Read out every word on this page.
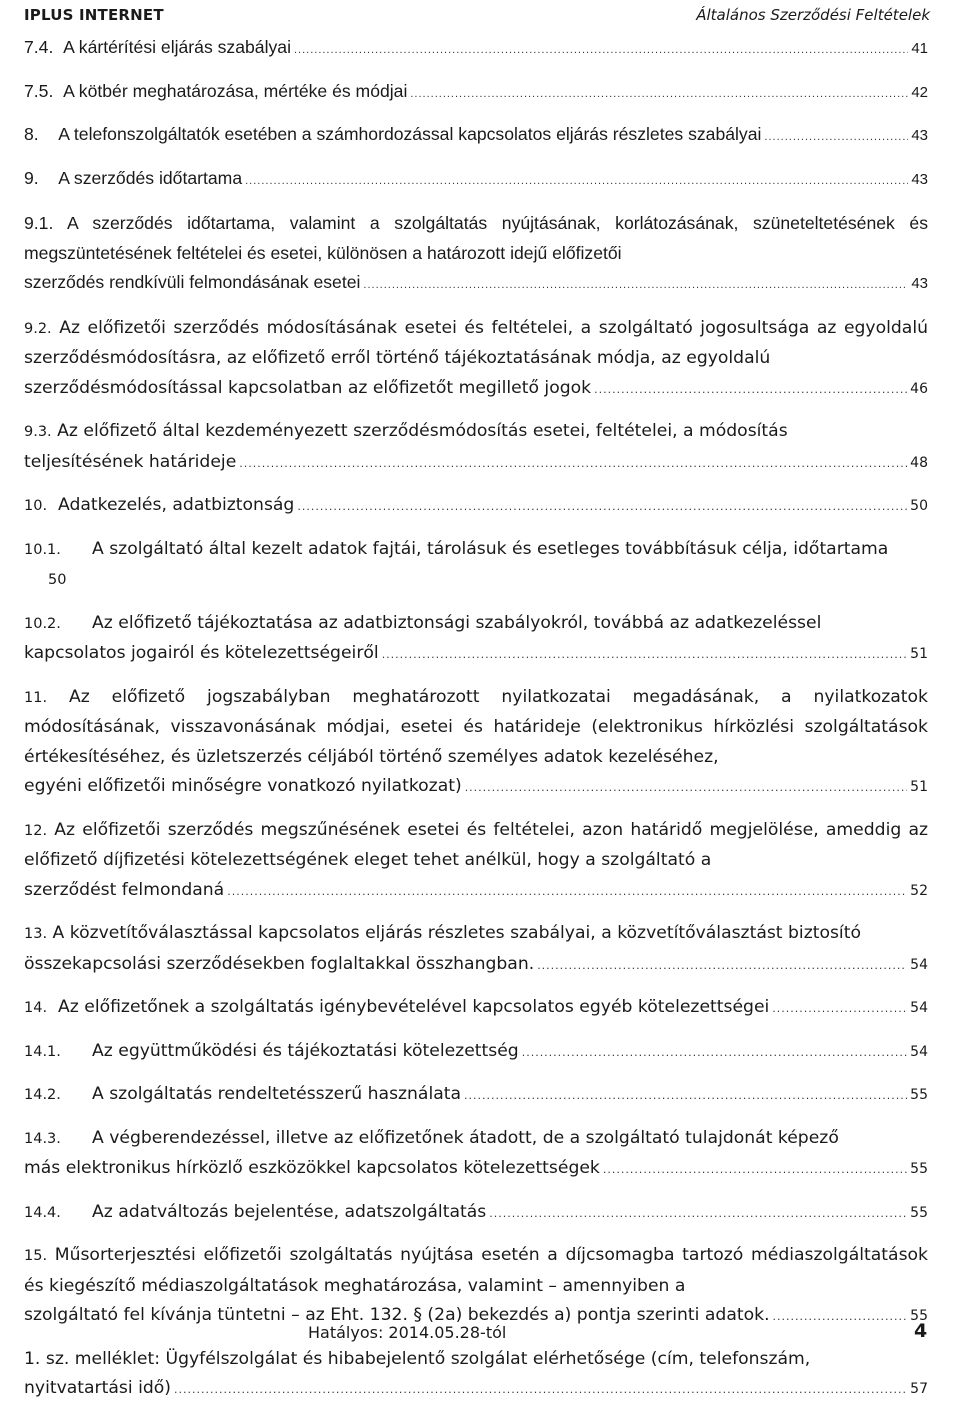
IPLUS INTERNET	Általános Szerződési Feltételek
7.4. A kártérítési eljárás szabályai .....	41
7.5. A kötbér meghatározása, mértéke és módjai .....	42
8. A telefonszolgáltatók esetében a számhordozással kapcsolatos eljárás részletes szabályai .....	43
9. A szerződés időtartama .....	43
9.1. A szerződés időtartama, valamint a szolgáltatás nyújtásának, korlátozásának, szüneteltetésének és megszüntetésének feltételei és esetei, különösen a határozott idejű előfizetői
szerződés rendkívüli felmondásának esetei .....	43
9.2. Az előfizetői szerződés módosításának esetei és feltételei, a szolgáltató jogosultsága az egyoldalú szerződésmódosításra, az előfizető erről történő tájékoztatásának módja, az egyoldalú
szerződésmódosítással kapcsolatban az előfizetőt megillető jogok .....	46
9.3. Az előfizető által kezdeményezett szerződésmódosítás esetei, feltételei, a módosítás
teljesítésének határideje .....	48
10. Adatkezelés, adatbiztonság .....	50
10.1. A szolgáltató által kezelt adatok fajtái, tárolásuk és esetleges továbbításuk célja, időtartama
50
10.2. Az előfizető tájékoztatása az adatbiztonsági szabályokról, továbbá az adatkezeléssel
kapcsolatos jogairól és kötelezettségeiről .....	51
11. Az előfizető jogszabályban meghatározott nyilatkozatai megadásának, a nyilatkozatok módosításának, visszavonásának módjai, esetei és határideje (elektronikus hírközlési szolgáltatások értékesítéséhez, és üzletszerzés céljából történő személyes adatok kezeléséhez,
egyéni előfizetői minőségre vonatkozó nyilatkozat) .....	51
12. Az előfizetői szerződés megszűnésének esetei és feltételei, azon határidő megjelölése, ameddig az előfizető díjfizetési kötelezettségének eleget tehet anélkül, hogy a szolgáltató a
szerződést felmondaná .....	52
13. A közvetítőválasztással kapcsolatos eljárás részletes szabályai, a közvetítőválasztást biztosító
összekapcsolási szerződésekben foglaltakkal összhangban. .....	54
14. Az előfizetőnek a szolgáltatás igénybevételével kapcsolatos egyéb kötelezettségei .....	54
14.1. Az együttműködési és tájékoztatási kötelezettség .....	54
14.2. A szolgáltatás rendeltetésszerű használata .....	55
14.3. A végberendezéssel, illetve az előfizetőnek átadott, de a szolgáltató tulajdonát képező
más elektronikus hírközlő eszközökkel kapcsolatos kötelezettségek .....	55
14.4. Az adatváltozás bejelentése, adatszolgáltatás .....	55
15. Műsorterjesztési előfizetői szolgáltatás nyújtása esetén a díjcsomagba tartozó médiaszolgáltatások és kiegészítő médiaszolgáltatások meghatározása, valamint – amennyiben a
szolgáltató fel kívánja tüntetni – az Eht. 132. § (2a) bekezdés a) pontja szerinti adatok. .....	55
1. sz. melléklet: Ügyfélszolgálat és hibabejelentő szolgálat elérhetősége (cím, telefonszám,
nyitvatartási idő) .....	57
Hatályos: 2014.05.28-tól	4
